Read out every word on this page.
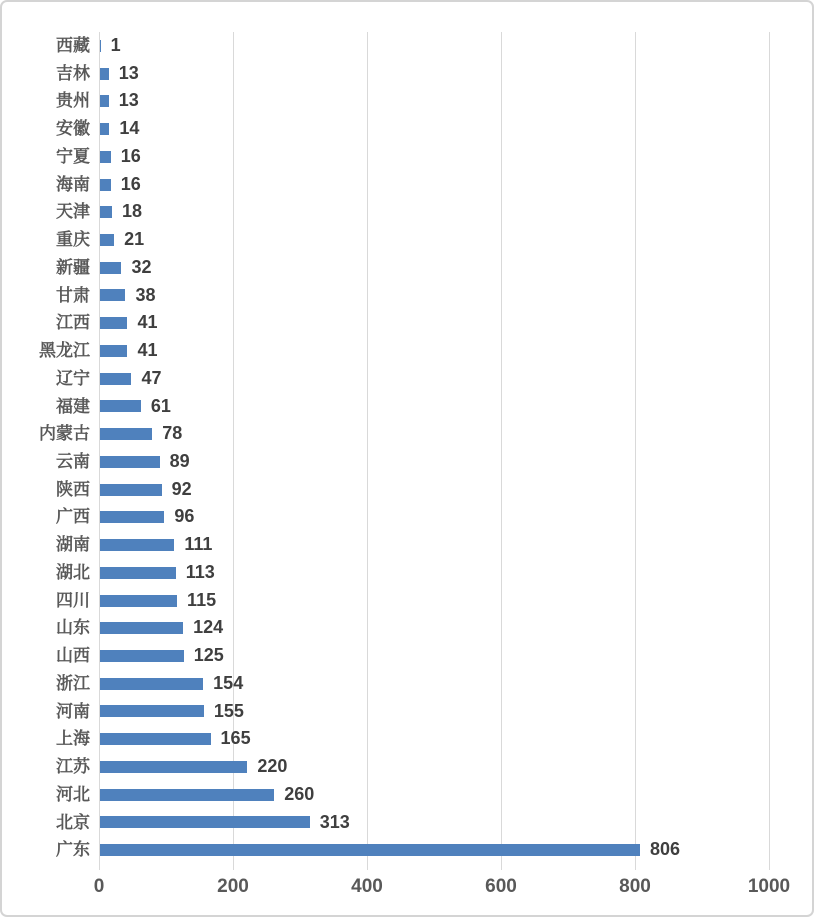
西藏 1
吉林 13
贵州 13
安徽 14
宁夏 16
海南 16
天津 18
重庆 21
新疆 32
甘肃	38
江西	41
黑龙江	41
辽宁	47
福建	61
内蒙古	78
云南	89
陕西	92
广西	96
湖南	111
湖北	113
四川	115
山东	124
山西	125
浙江	154
河南	155
上海	165
江苏	220
河北	260
北京	313
广东	806
0	200	400	600	800	1000
